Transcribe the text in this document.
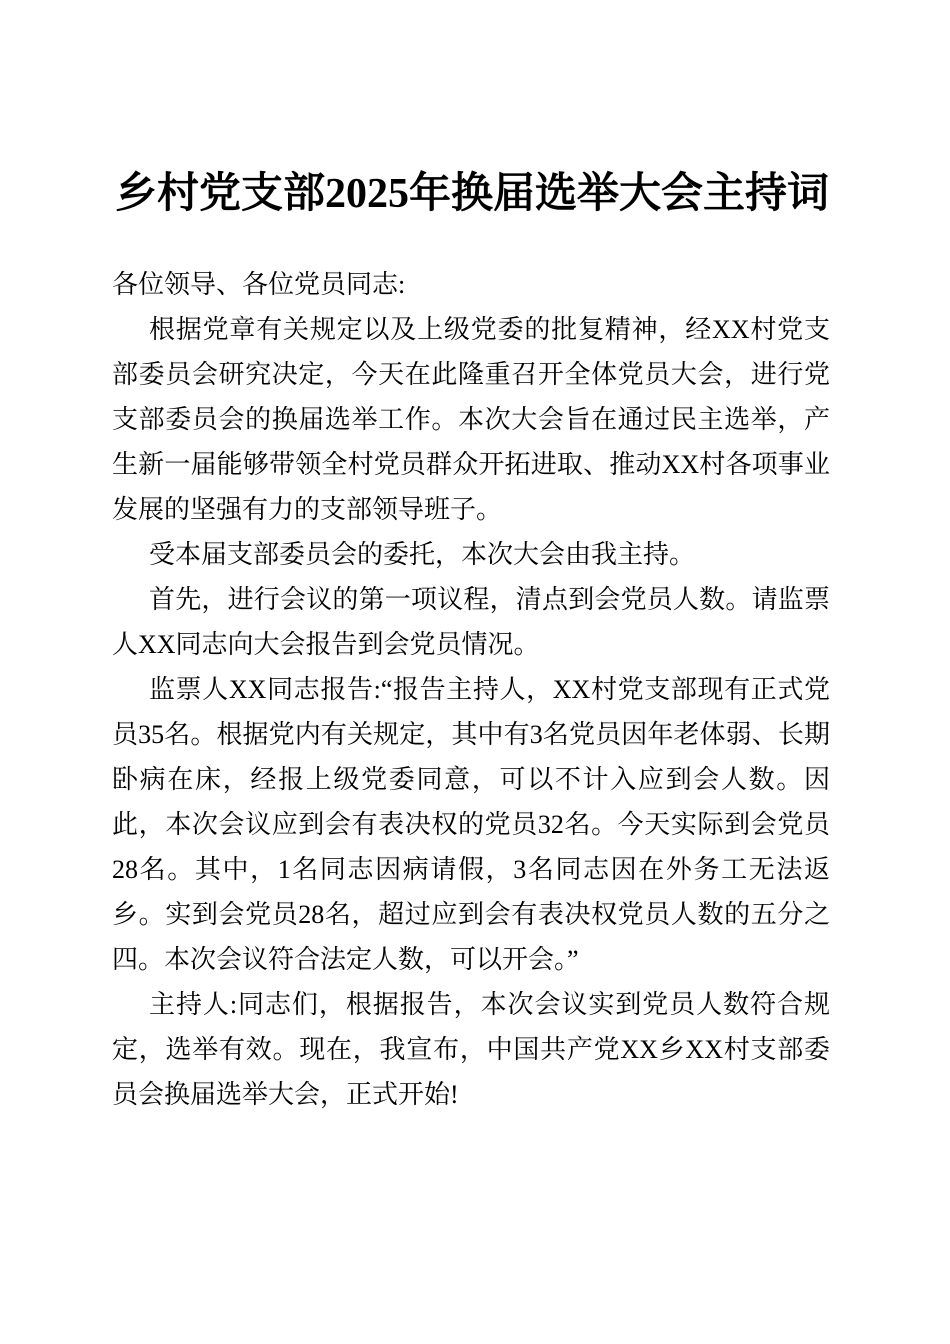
乡村党支部2025年换届选举大会主持词

各位领导、各位党员同志:

根据党章有关规定以及上级党委的批复精神，经XX村党支部委员会研究决定，今天在此隆重召开全体党员大会，进行党支部委员会的换届选举工作。本次大会旨在通过民主选举，产生新一届能够带领全村党员群众开拓进取、推动XX村各项事业发展的坚强有力的支部领导班子。

受本届支部委员会的委托，本次大会由我主持。

首先，进行会议的第一项议程，清点到会党员人数。请监票人XX同志向大会报告到会党员情况。

监票人XX同志报告:“报告主持人，XX村党支部现有正式党员35名。根据党内有关规定，其中有3名党员因年老体弱、长期卧病在床，经报上级党委同意，可以不计入应到会人数。因此，本次会议应到会有表决权的党员32名。今天实际到会党员28名。其中，1名同志因病请假，3名同志因在外务工无法返乡。实到会党员28名，超过应到会有表决权党员人数的五分之四。本次会议符合法定人数，可以开会。”

主持人:同志们，根据报告，本次会议实到党员人数符合规定，选举有效。现在，我宣布，中国共产党XX乡XX村支部委员会换届选举大会，正式开始!
